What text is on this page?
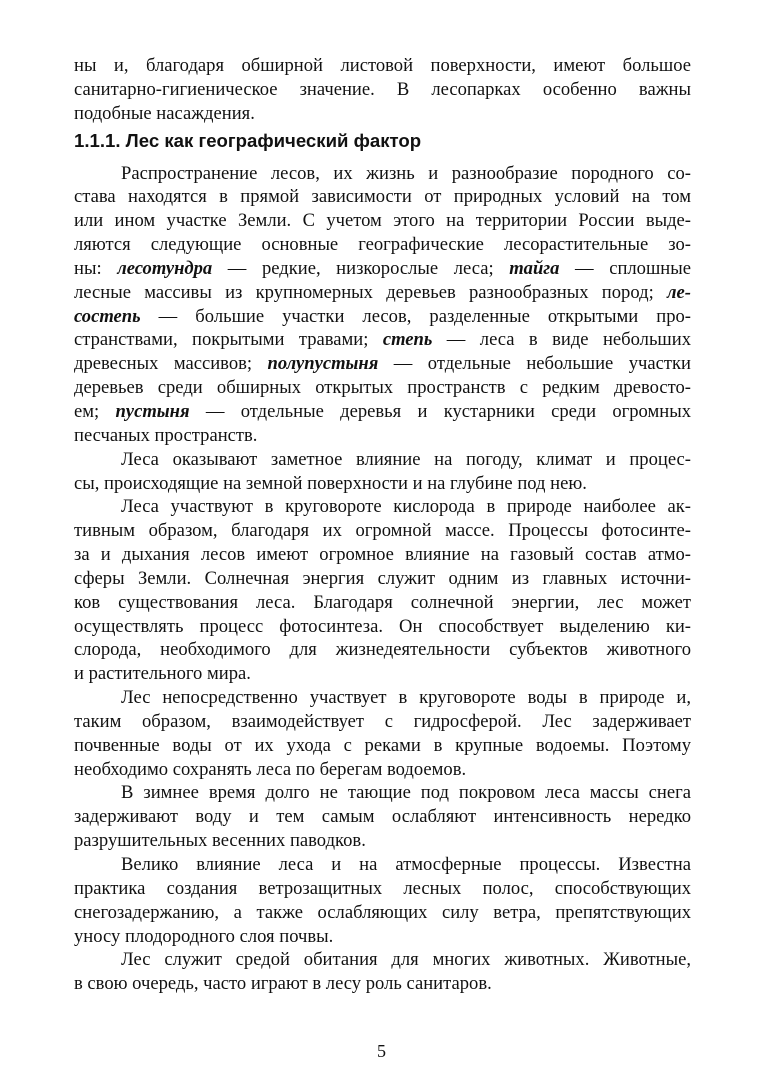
ны и, благодаря обширной листовой поверхности, имеют большое
санитарно-гигиеническое значение. В лесопарках особенно важны
подобные насаждения.
1.1.1. Лес как географический фактор
Распространение лесов, их жизнь и разнообразие породного со-
става находятся в прямой зависимости от природных условий на том
или ином участке Земли. С учетом этого на территории России выде-
ляются следующие основные географические лесорастительные зо-
ны: лесотундра — редкие, низкорослые леса; тайга — сплошные
лесные массивы из крупномерных деревьев разнообразных пород; ле-
состепь — большие участки лесов, разделенные открытыми про-
странствами, покрытыми травами; степь — леса в виде небольших
древесных массивов; полупустыня — отдельные небольшие участки
деревьев среди обширных открытых пространств с редким древосто-
ем; пустыня — отдельные деревья и кустарники среди огромных
песчаных пространств.
Леса оказывают заметное влияние на погоду, климат и процес-
сы, происходящие на земной поверхности и на глубине под нею.
Леса участвуют в круговороте кислорода в природе наиболее ак-
тивным образом, благодаря их огромной массе. Процессы фотосинте-
за и дыхания лесов имеют огромное влияние на газовый состав атмо-
сферы Земли. Солнечная энергия служит одним из главных источни-
ков существования леса. Благодаря солнечной энергии, лес может
осуществлять процесс фотосинтеза. Он способствует выделению ки-
слорода, необходимого для жизнедеятельности субъектов животного
и растительного мира.
Лес непосредственно участвует в круговороте воды в природе и,
таким образом, взаимодействует с гидросферой. Лес задерживает
почвенные воды от их ухода с реками в крупные водоемы. Поэтому
необходимо сохранять леса по берегам водоемов.
В зимнее время долго не тающие под покровом леса массы снега
задерживают воду и тем самым ослабляют интенсивность нередко
разрушительных весенних паводков.
Велико влияние леса и на атмосферные процессы. Известна
практика создания ветрозащитных лесных полос, способствующих
снегозадержанию, а также ослабляющих силу ветра, препятствующих
уносу плодородного слоя почвы.
Лес служит средой обитания для многих животных. Животные,
в свою очередь, часто играют в лесу роль санитаров.
5
